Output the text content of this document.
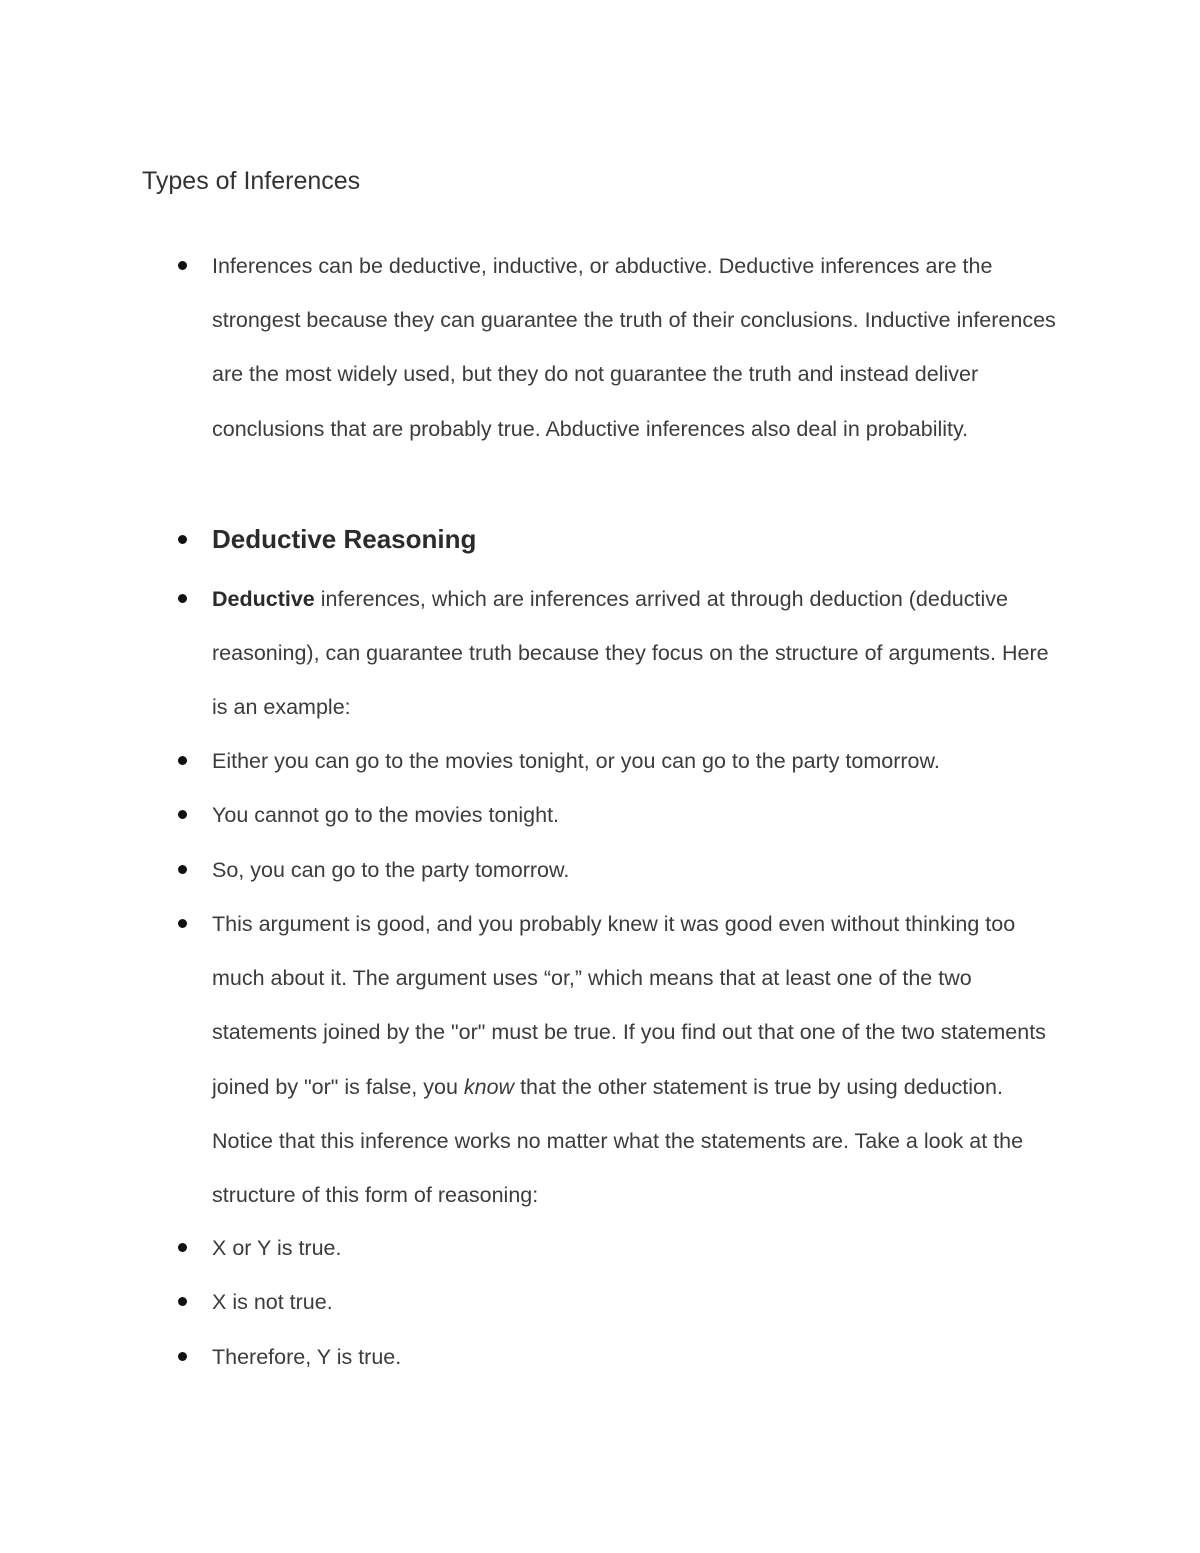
Types of Inferences
Inferences can be deductive, inductive, or abductive. Deductive inferences are the strongest because they can guarantee the truth of their conclusions. Inductive inferences are the most widely used, but they do not guarantee the truth and instead deliver conclusions that are probably true. Abductive inferences also deal in probability.
Deductive Reasoning
Deductive inferences, which are inferences arrived at through deduction (deductive reasoning), can guarantee truth because they focus on the structure of arguments. Here is an example:
Either you can go to the movies tonight, or you can go to the party tomorrow.
You cannot go to the movies tonight.
So, you can go to the party tomorrow.
This argument is good, and you probably knew it was good even without thinking too much about it. The argument uses “or,” which means that at least one of the two statements joined by the "or" must be true. If you find out that one of the two statements joined by "or" is false, you know that the other statement is true by using deduction. Notice that this inference works no matter what the statements are. Take a look at the structure of this form of reasoning:
X or Y is true.
X is not true.
Therefore, Y is true.
